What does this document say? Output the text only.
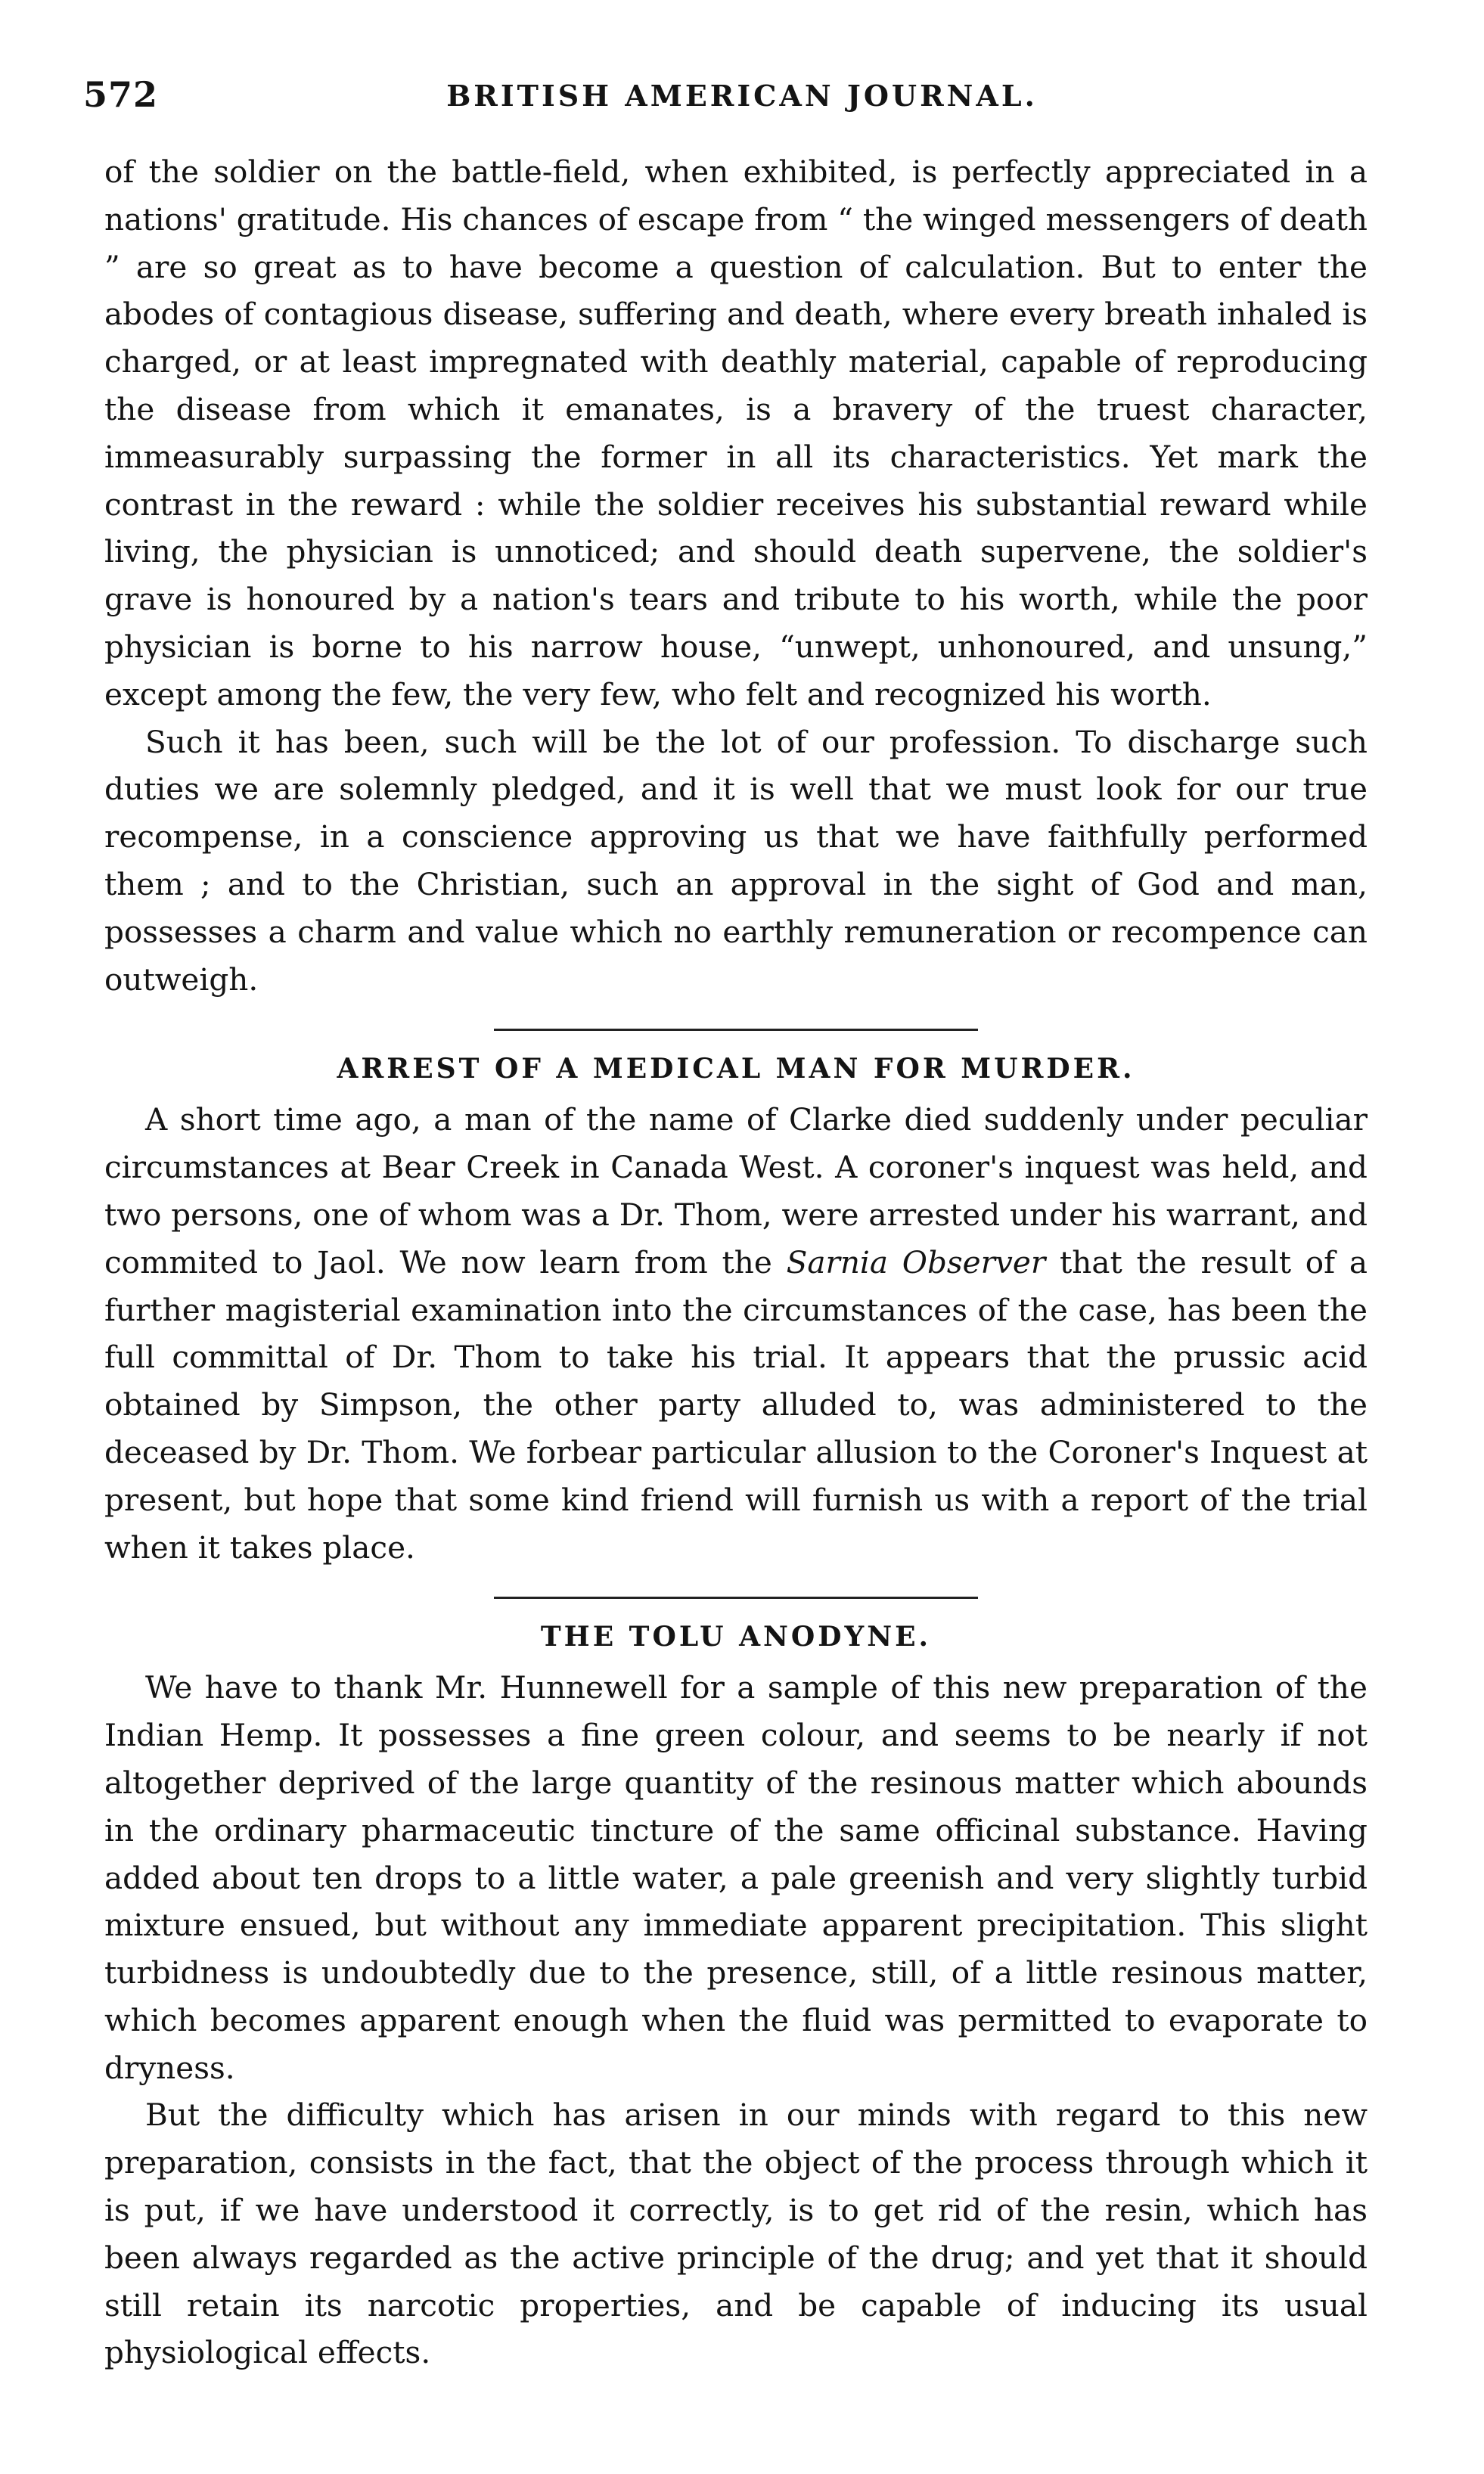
572	BRITISH AMERICAN JOURNAL.

of the soldier on the battle-field, when exhibited, is perfectly appreciated in a nations' gratitude. His chances of escape from “ the winged messengers of death ” are so great as to have become a question of calculation. But to enter the abodes of contagious disease, suffering and death, where every breath inhaled is charged, or at least impregnated with deathly material, capable of reproducing the disease from which it emanates, is a bravery of the truest character, immeasurably surpassing the former in all its characteristics. Yet mark the contrast in the reward : while the soldier receives his substantial reward while living, the physician is unnoticed; and should death supervene, the soldier's grave is honoured by a nation's tears and tribute to his worth, while the poor physician is borne to his narrow house, “unwept, unhonoured, and unsung,” except among the few, the very few, who felt and recognized his worth.

Such it has been, such will be the lot of our profession. To discharge such duties we are solemnly pledged, and it is well that we must look for our true recompense, in a conscience approving us that we have faithfully performed them ; and to the Christian, such an approval in the sight of God and man, possesses a charm and value which no earthly remuneration or recompence can outweigh.

ARREST OF A MEDICAL MAN FOR MURDER.

A short time ago, a man of the name of Clarke died suddenly under peculiar circumstances at Bear Creek in Canada West. A coroner's inquest was held, and two persons, one of whom was a Dr. Thom, were arrested under his warrant, and commited to Jaol. We now learn from the Sarnia Observer that the result of a further magisterial examination into the circumstances of the case, has been the full committal of Dr. Thom to take his trial. It appears that the prussic acid obtained by Simpson, the other party alluded to, was administered to the deceased by Dr. Thom. We forbear particular allusion to the Coroner's Inquest at present, but hope that some kind friend will furnish us with a report of the trial when it takes place.

THE TOLU ANODYNE.

We have to thank Mr. Hunnewell for a sample of this new preparation of the Indian Hemp. It possesses a fine green colour, and seems to be nearly if not altogether deprived of the large quantity of the resinous matter which abounds in the ordinary pharmaceutic tincture of the same officinal substance. Having added about ten drops to a little water, a pale greenish and very slightly turbid mixture ensued, but without any immediate apparent precipitation. This slight turbidness is undoubtedly due to the presence, still, of a little resinous matter, which becomes apparent enough when the fluid was permitted to evaporate to dryness.

But the difficulty which has arisen in our minds with regard to this new preparation, consists in the fact, that the object of the process through which it is put, if we have understood it correctly, is to get rid of the resin, which has been always regarded as the active principle of the drug; and yet that it should still retain its narcotic properties, and be capable of inducing its usual physiological effects.
